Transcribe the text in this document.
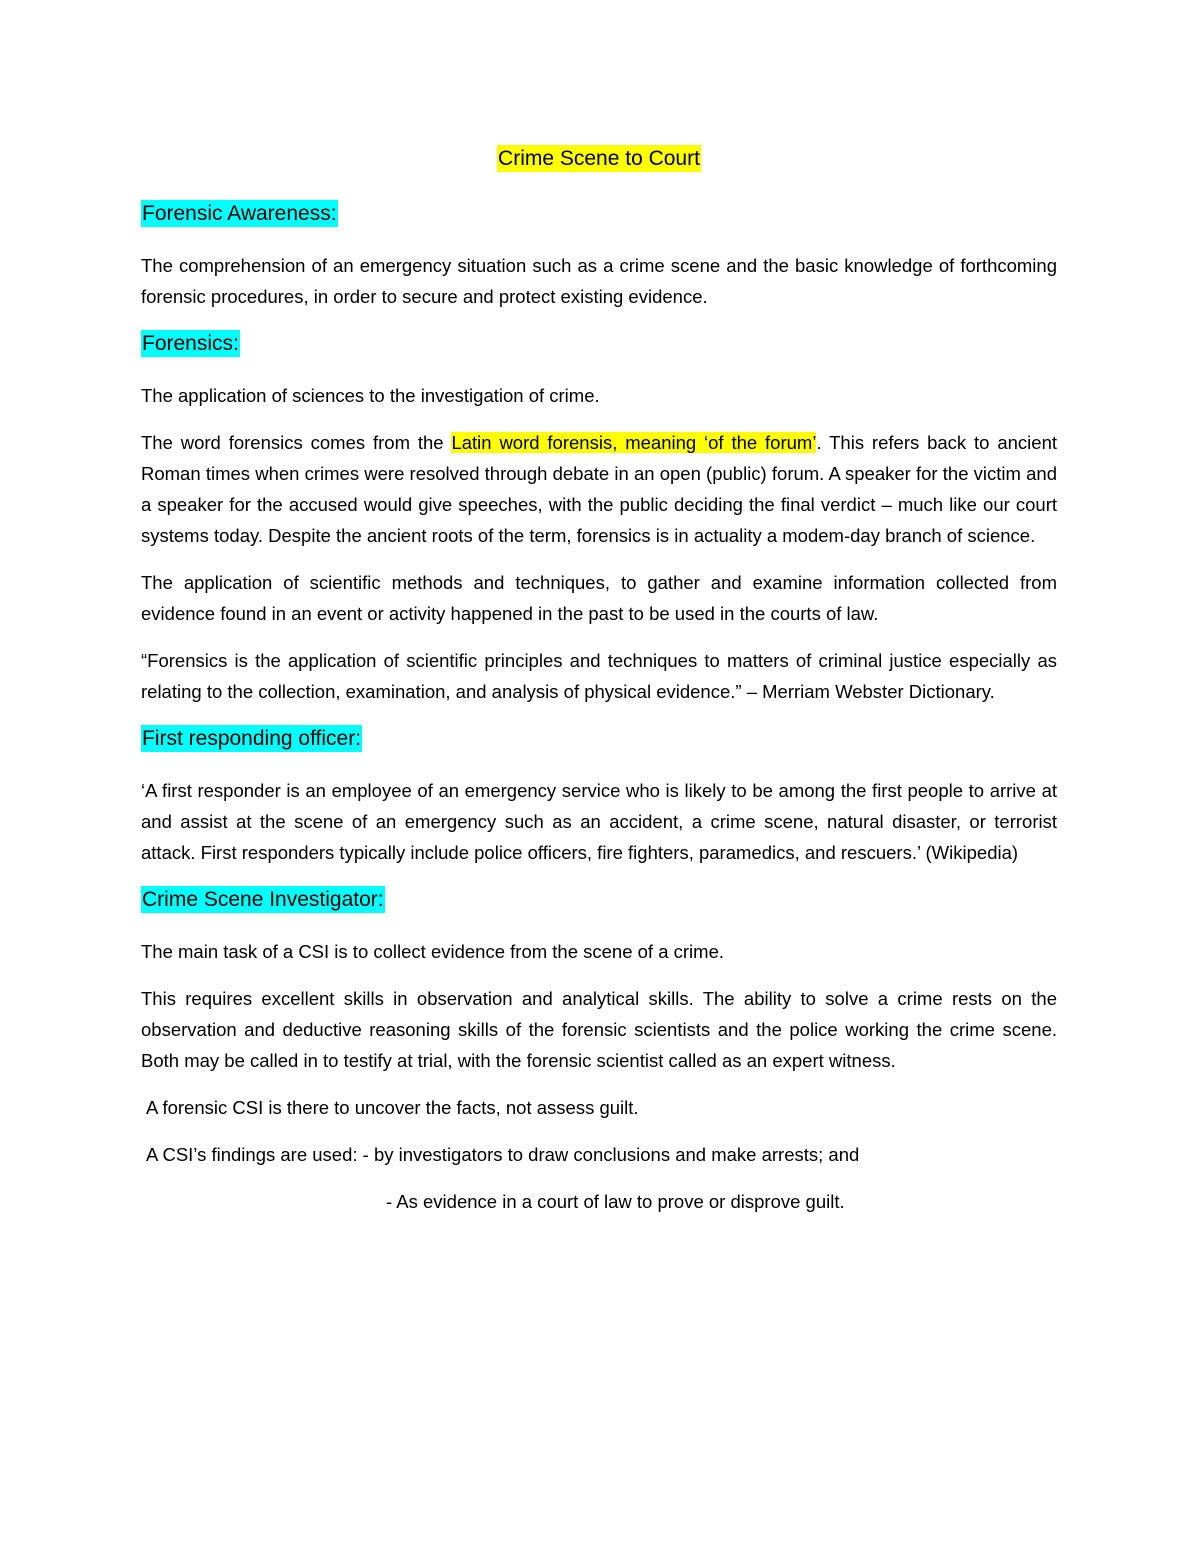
Crime Scene to Court
Forensic Awareness:

The comprehension of an emergency situation such as a crime scene and the basic knowledge of forthcoming forensic procedures, in order to secure and protect existing evidence.

Forensics:

The application of sciences to the investigation of crime.

The word forensics comes from the Latin word forensis, meaning ‘of the forum’. This refers back to ancient Roman times when crimes were resolved through debate in an open (public) forum. A speaker for the victim and a speaker for the accused would give speeches, with the public deciding the final verdict – much like our court systems today. Despite the ancient roots of the term, forensics is in actuality a modem-day branch of science.

The application of scientific methods and techniques, to gather and examine information collected from evidence found in an event or activity happened in the past to be used in the courts of law.

“Forensics is the application of scientific principles and techniques to matters of criminal justice especially as relating to the collection, examination, and analysis of physical evidence.” – Merriam Webster Dictionary.

First responding officer:

‘A first responder is an employee of an emergency service who is likely to be among the first people to arrive at and assist at the scene of an emergency such as an accident, a crime scene, natural disaster, or terrorist attack. First responders typically include police officers, fire fighters, paramedics, and rescuers.’ (Wikipedia)

Crime Scene Investigator:

The main task of a CSI is to collect evidence from the scene of a crime.

This requires excellent skills in observation and analytical skills. The ability to solve a crime rests on the observation and deductive reasoning skills of the forensic scientists and the police working the crime scene. Both may be called in to testify at trial, with the forensic scientist called as an expert witness.

A forensic CSI is there to uncover the facts, not assess guilt.

A CSI’s findings are used: - by investigators to draw conclusions and make arrests; and

- As evidence in a court of law to prove or disprove guilt.
